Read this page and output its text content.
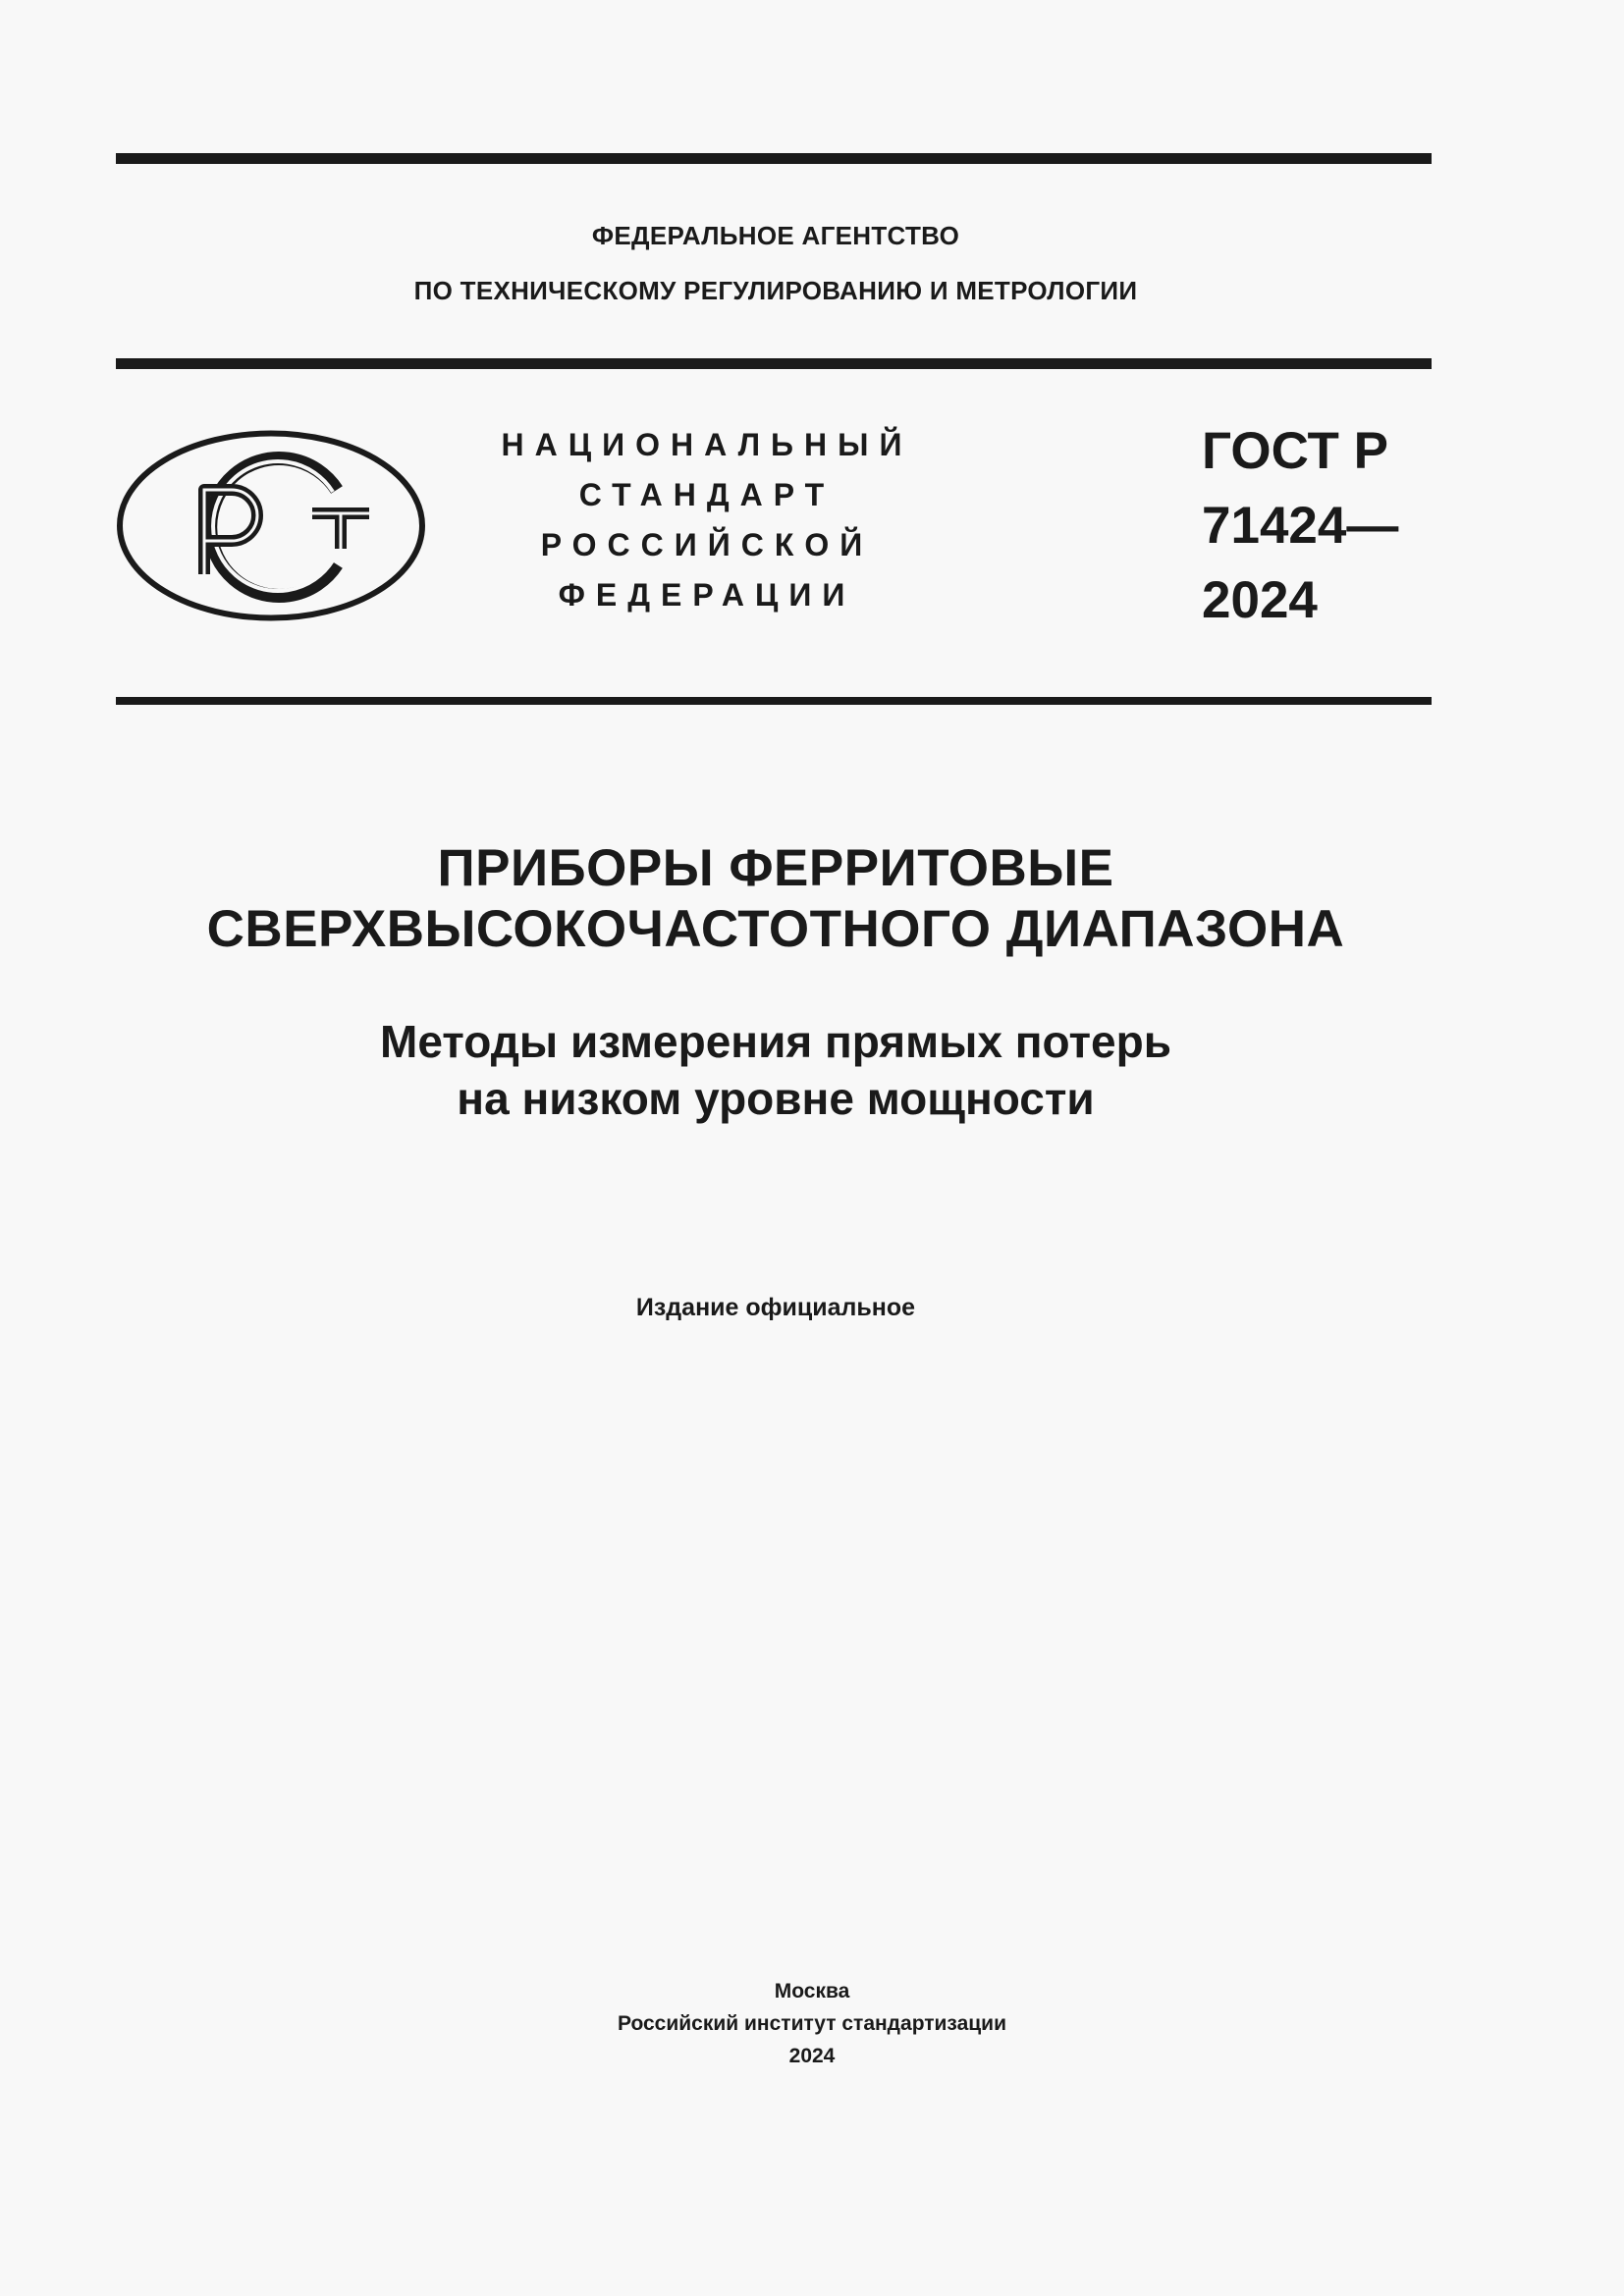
ФЕДЕРАЛЬНОЕ АГЕНТСТВО
ПО ТЕХНИЧЕСКОМУ РЕГУЛИРОВАНИЮ И МЕТРОЛОГИИ
НАЦИОНАЛЬНЫЙ
СТАНДАРТ
РОССИЙСКОЙ
ФЕДЕРАЦИИ
ГОСТ Р
71424—
2024
ПРИБОРЫ ФЕРРИТОВЫЕ
СВЕРХВЫСОКОЧАСТОТНОГО ДИАПАЗОНА
Методы измерения прямых потерь
на низком уровне мощности
Издание официальное
Москва
Российский институт стандартизации
2024
